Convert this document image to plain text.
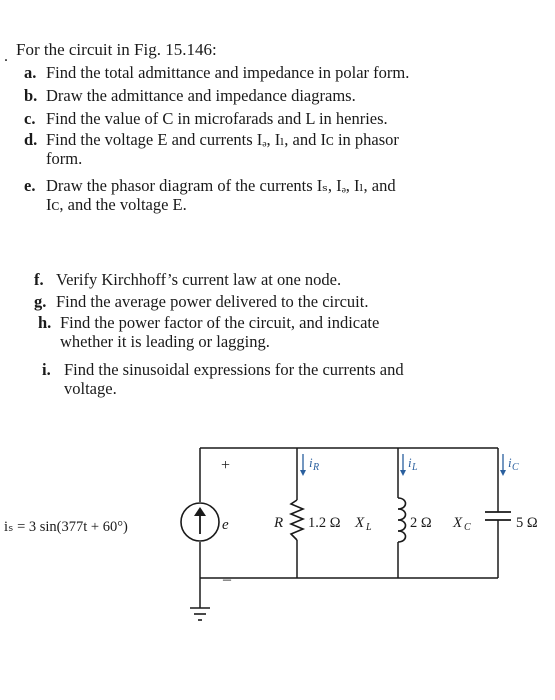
. For the circuit in Fig. 15.146:
a. Find the total admittance and impedance in polar form.
b. Draw the admittance and impedance diagrams.
c. Find the value of C in microfarads and L in henries.
d. Find the voltage E and currents Iₔ, Iₗ, and Iᴄ in phasor
form.
e. Draw the phasor diagram of the currents Iₛ, Iₔ, Iₗ, and
Iᴄ, and the voltage E.
f. Verify Kirchhoff’s current law at one node.
g. Find the average power delivered to the circuit.
h. Find the power factor of the circuit, and indicate
whether it is leading or lagging.
i. Find the sinusoidal expressions for the currents and
voltage.
+
–
e
iₛ = 3 sin(377t + 60°)
i R	i L	i C
R 1.2 Ω X L	2 Ω X C	5 Ω
